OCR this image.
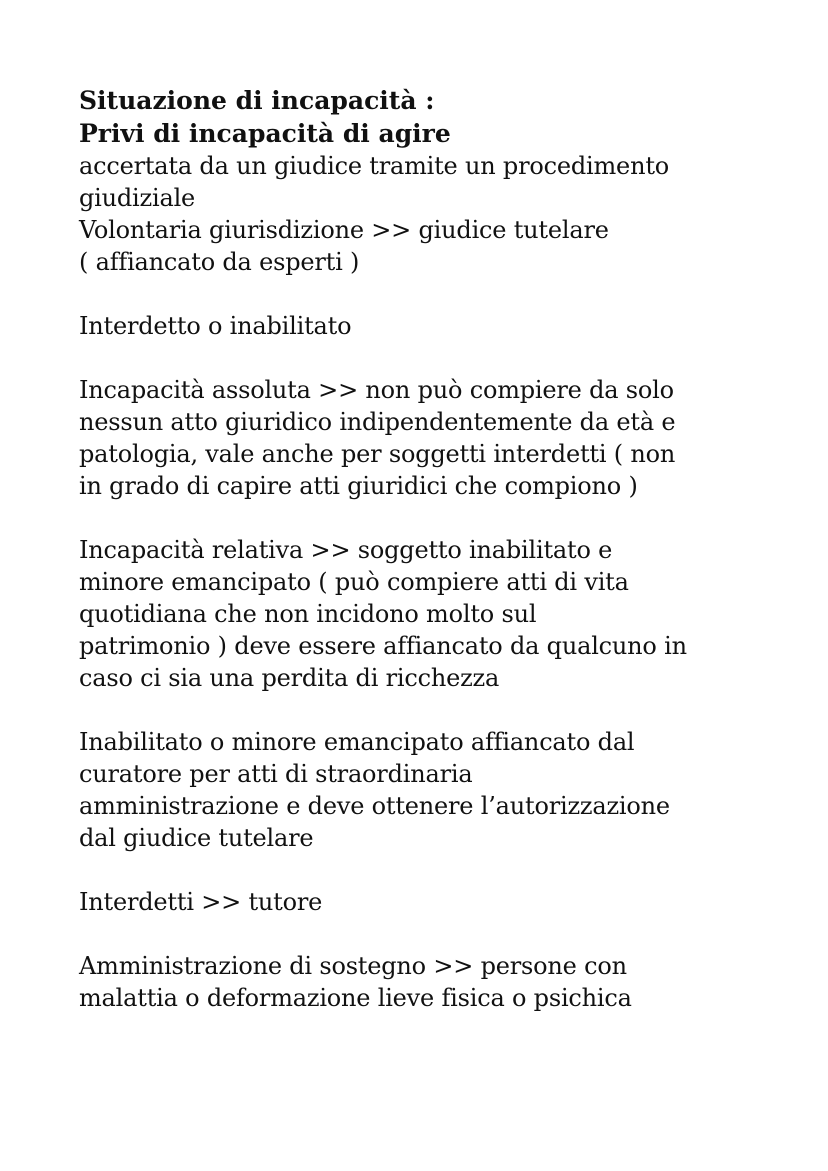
Situazione di incapacità :
Privi di incapacità di agire

accertata da un giudice tramite un procedimento

giudiziale

Volontaria giurisdizione >> giudice tutelare

( affiancato da esperti )

Interdetto o inabilitato

Incapacità assoluta >> non può compiere da solo

nessun atto giuridico indipendentemente da età e

patologia, vale anche per soggetti interdetti ( non

in grado di capire atti giuridici che compiono )

Incapacità relativa >> soggetto inabilitato e

minore emancipato ( può compiere atti di vita

quotidiana che non incidono molto sul

patrimonio ) deve essere affiancato da qualcuno in

caso ci sia una perdita di ricchezza

Inabilitato o minore emancipato affiancato dal

curatore per atti di straordinaria

amministrazione e deve ottenere l’autorizzazione

dal giudice tutelare

Interdetti >> tutore

Amministrazione di sostegno >> persone con

malattia o deformazione lieve fisica o psichica
